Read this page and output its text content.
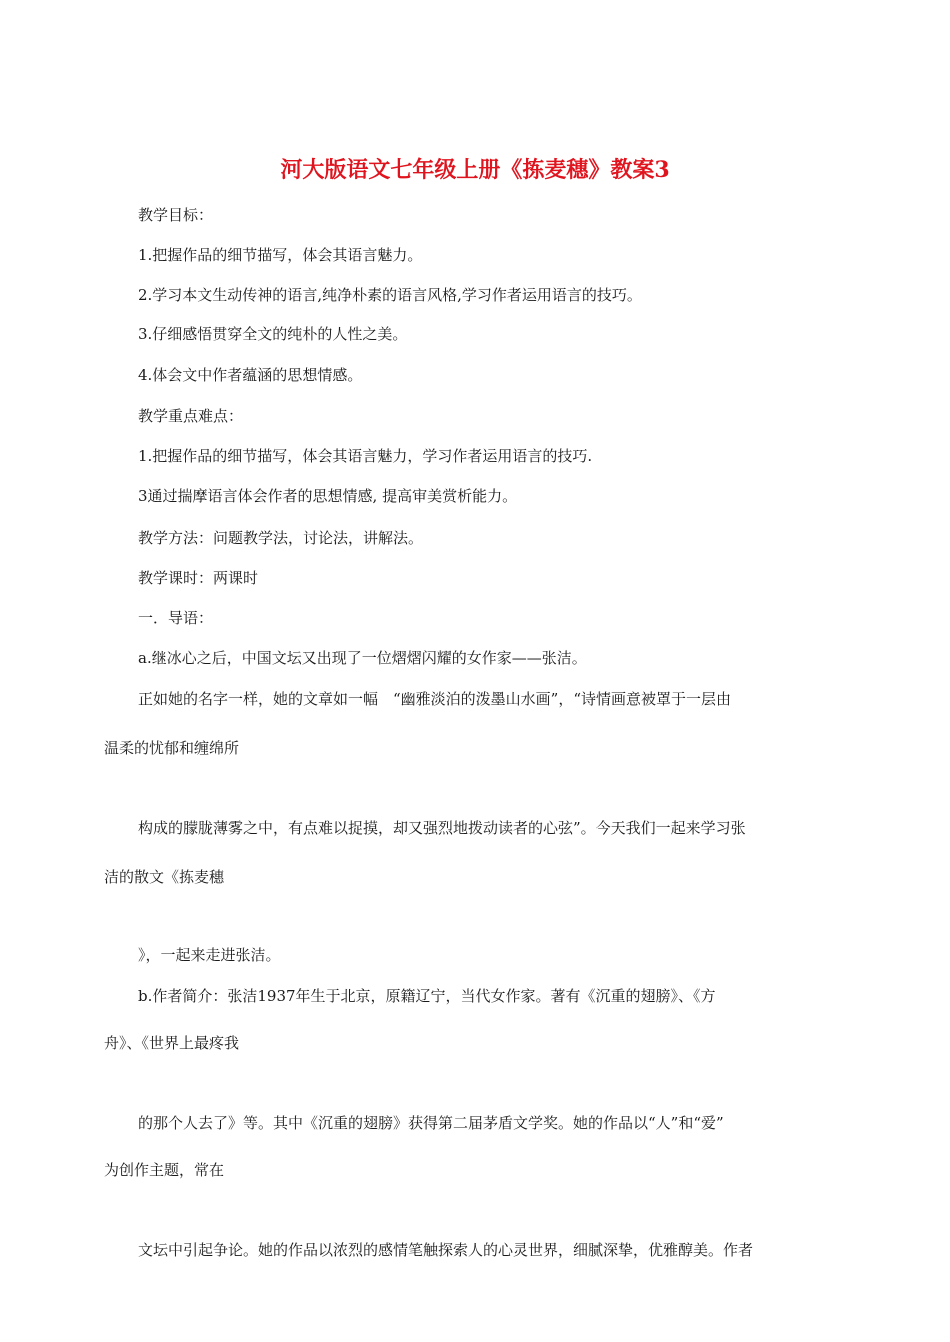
河大版语文七年级上册《拣麦穗》教案3
教学目标：
1.把握作品的细节描写，体会其语言魅力。
2.学习本文生动传神的语言,纯净朴素的语言风格,学习作者运用语言的技巧。
3.仔细感悟贯穿全文的纯朴的人性之美。
4.体会文中作者蕴涵的思想情感。
教学重点难点：
1.把握作品的细节描写，体会其语言魅力，学习作者运用语言的技巧.
3通过揣摩语言体会作者的思想情感, 提高审美赏析能力。
教学方法：问题教学法，讨论法，讲解法。
教学课时：两课时
一．导语：
a.继冰心之后，中国文坛又出现了一位熠熠闪耀的女作家——张洁。
正如她的名字一样，她的文章如一幅　“幽雅淡泊的泼墨山水画”，“诗情画意被罩于一层由
温柔的忧郁和缠绵所
构成的朦胧薄雾之中，有点难以捉摸，却又强烈地拨动读者的心弦”。今天我们一起来学习张
洁的散文《拣麦穗
》，一起来走进张洁。
b.作者简介：张洁1937年生于北京，原籍辽宁，当代女作家。著有《沉重的翅膀》、《方
舟》、《世界上最疼我
的那个人去了》等。其中《沉重的翅膀》获得第二届茅盾文学奖。她的作品以“人”和“爱”
为创作主题，常在
文坛中引起争论。她的作品以浓烈的感情笔触探索人的心灵世界，细腻深挚，优雅醇美。作者
